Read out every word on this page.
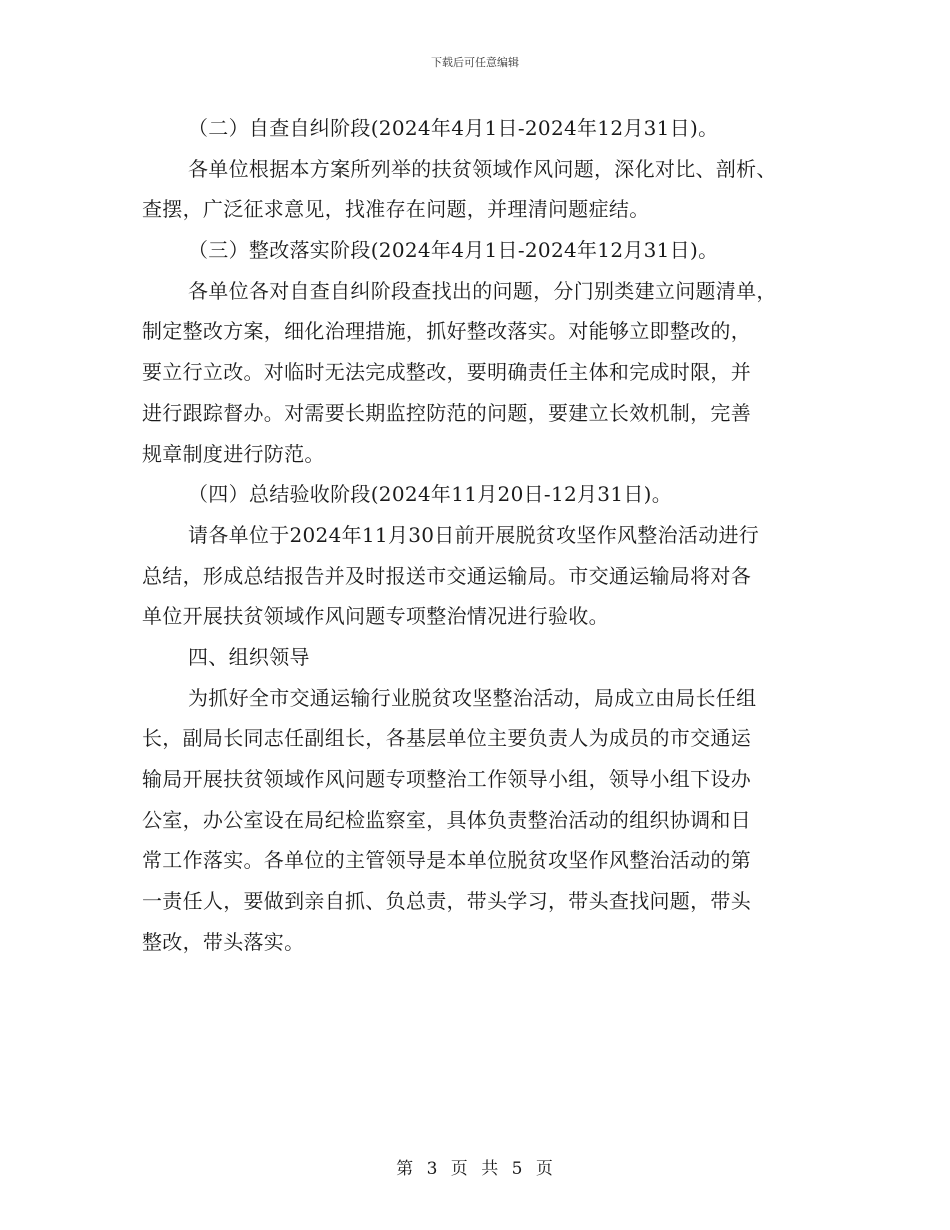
下载后可任意编辑
（二）自查自纠阶段(2024年4月1日-2024年12月31日)。
各单位根据本方案所列举的扶贫领域作风问题，深化对比、剖析、
查摆，广泛征求意见，找准存在问题，并理清问题症结。
（三）整改落实阶段(2024年4月1日-2024年12月31日)。
各单位各对自查自纠阶段查找出的问题，分门别类建立问题清单，
制定整改方案，细化治理措施，抓好整改落实。对能够立即整改的，
要立行立改。对临时无法完成整改，要明确责任主体和完成时限，并
进行跟踪督办。对需要长期监控防范的问题，要建立长效机制，完善
规章制度进行防范。
（四）总结验收阶段(2024年11月20日-12月31日)。
请各单位于2024年11月30日前开展脱贫攻坚作风整治活动进行
总结，形成总结报告并及时报送市交通运输局。市交通运输局将对各
单位开展扶贫领域作风问题专项整治情况进行验收。
四、组织领导
为抓好全市交通运输行业脱贫攻坚整治活动，局成立由局长任组
长，副局长同志任副组长，各基层单位主要负责人为成员的市交通运
输局开展扶贫领域作风问题专项整治工作领导小组，领导小组下设办
公室，办公室设在局纪检监察室，具体负责整治活动的组织协调和日
常工作落实。各单位的主管领导是本单位脱贫攻坚作风整治活动的第
一责任人，要做到亲自抓、负总责，带头学习，带头查找问题，带头
整改，带头落实。
第 3 页 共 5 页
